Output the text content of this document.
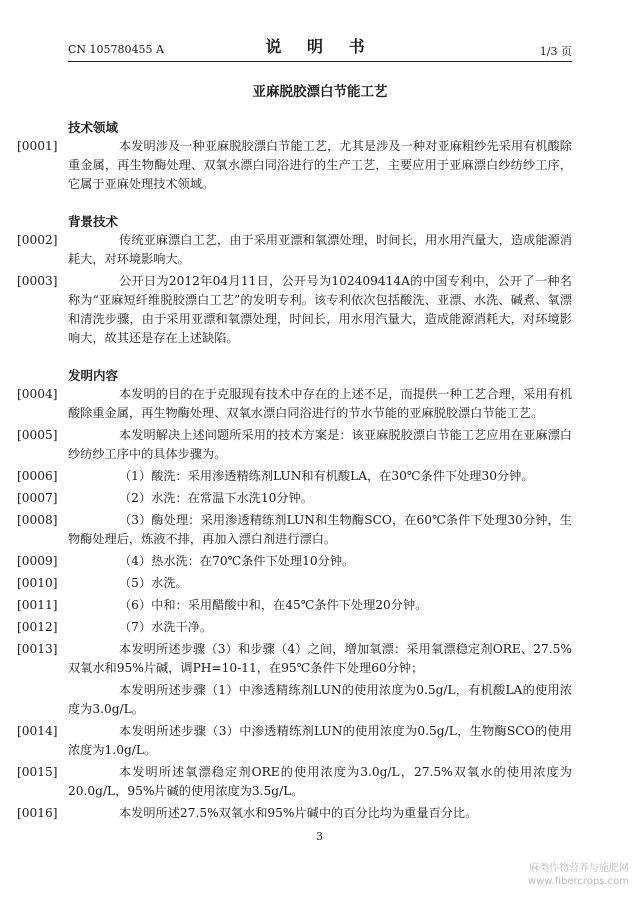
CN 105780455 A	说 明 书	1/3 页
亚麻脱胶漂白节能工艺

技术领域

[0001]	本发明涉及一种亚麻脱胶漂白节能工艺，尤其是涉及一种对亚麻粗纱先采用有机酸除重金属，再生物酶处理、双氧水漂白同浴进行的生产工艺，主要应用于亚麻漂白纱纺纱工序，它属于亚麻处理技术领域。

背景技术

[0002]	传统亚麻漂白工艺，由于采用亚漂和氧漂处理，时间长，用水用汽量大，造成能源消耗大，对环境影响大。

[0003]	公开日为2012年04月11日，公开号为102409414A的中国专利中，公开了一种名称为“亚麻短纤维脱胶漂白工艺”的发明专利。该专利依次包括酸洗、亚漂、水洗、碱煮、氧漂和清洗步骤，由于采用亚漂和氧漂处理，时间长，用水用汽量大，造成能源消耗大，对环境影响大，故其还是存在上述缺陷。

发明内容

[0004]	本发明的目的在于克服现有技术中存在的上述不足，而提供一种工艺合理，采用有机酸除重金属，再生物酶处理、双氧水漂白同浴进行的节水节能的亚麻脱胶漂白节能工艺。

[0005]	本发明解决上述问题所采用的技术方案是：该亚麻脱胶漂白节能工艺应用在亚麻漂白纱纺纱工序中的具体步骤为。

[0006]	（1）酸洗：采用渗透精练剂LUN和有机酸LA，在30℃条件下处理30分钟。

[0007]	（2）水洗：在常温下水洗10分钟。

[0008]	（3）酶处理：采用渗透精练剂LUN和生物酶SCO，在60℃条件下处理30分钟，生物酶处理后，炼液不排，再加入漂白剂进行漂白。

[0009]	（4）热水洗：在70℃条件下处理10分钟。

[0010]	（5）水洗。

[0011]	（6）中和：采用醋酸中和，在45℃条件下处理20分钟。

[0012]	（7）水洗干净。

[0013]	本发明所述步骤（3）和步骤（4）之间，增加氧漂：采用氧漂稳定剂ORE、27.5%双氧水和95%片碱，调PH=10-11，在95℃条件下处理60分钟；

本发明所述步骤（1）中渗透精练剂LUN的使用浓度为0.5g/L，有机酸LA的使用浓度为3.0g/L。

[0014]	本发明所述步骤（3）中渗透精练剂LUN的使用浓度为0.5g/L，生物酶SCO的使用浓度为1.0g/L。

[0015]	本发明所述氧漂稳定剂ORE的使用浓度为3.0g/L，27.5%双氧水的使用浓度为20.0g/L，95%片碱的使用浓度为3.5g/L。

[0016]	本发明所述27.5%双氧水和95%片碱中的百分比均为重量百分比。

3
麻类作物营养与施肥网
www.fibercrops.com
